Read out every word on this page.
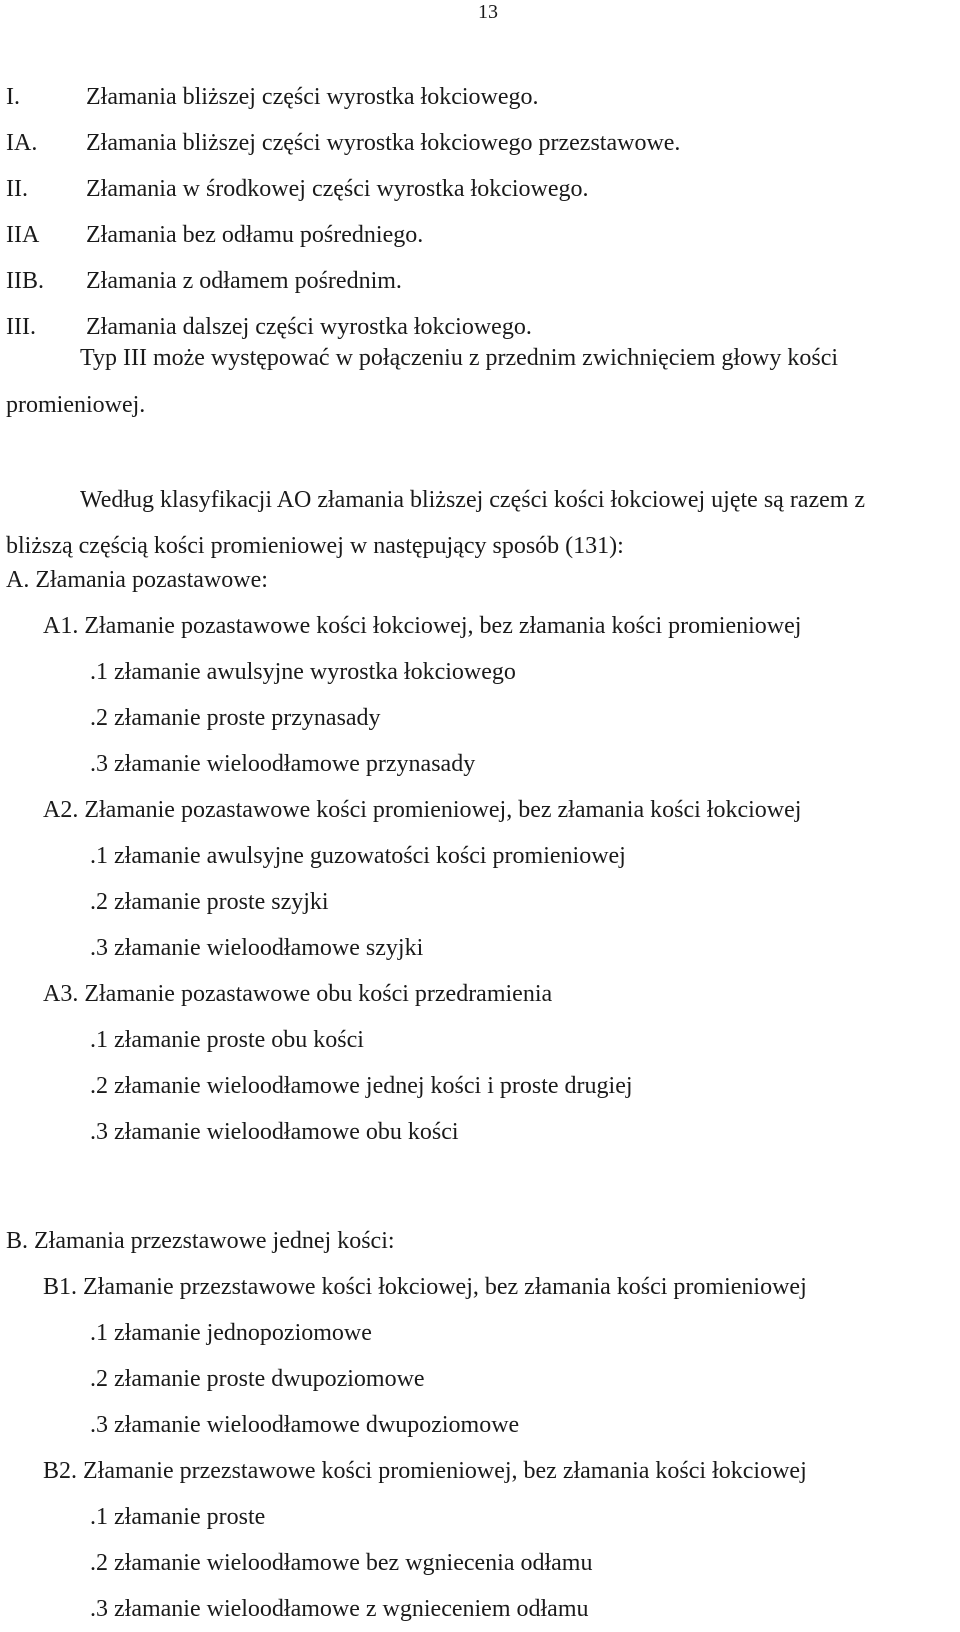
13
I.	Złamania bliższej części wyrostka łokciowego.
IA. Złamania bliższej części wyrostka łokciowego przezstawowe.
II. Złamania w środkowej części wyrostka łokciowego.
IIA Złamania bez odłamu pośredniego.
IIB. Złamania z odłamem pośrednim.
III. Złamania dalszej części wyrostka łokciowego.
Typ III może występować w połączeniu z przednim zwichnięciem głowy kości
promieniowej.
Według klasyfikacji AO złamania bliższej części kości łokciowej ujęte są razem z
bliższą częścią kości promieniowej w następujący sposób (131):
A. Złamania pozastawowe:
A1. Złamanie pozastawowe kości łokciowej, bez złamania kości promieniowej
.1 złamanie awulsyjne wyrostka łokciowego
.2 złamanie proste przynasady
.3 złamanie wieloodłamowe przynasady
A2. Złamanie pozastawowe kości promieniowej, bez złamania kości łokciowej
.1 złamanie awulsyjne guzowatości kości promieniowej
.2 złamanie proste szyjki
.3 złamanie wieloodłamowe szyjki
A3. Złamanie pozastawowe obu kości przedramienia
.1 złamanie proste obu kości
.2 złamanie wieloodłamowe jednej kości i proste drugiej
.3 złamanie wieloodłamowe obu kości
B. Złamania przezstawowe jednej kości:
B1. Złamanie przezstawowe kości łokciowej, bez złamania kości promieniowej
.1 złamanie jednopoziomowe
.2 złamanie proste dwupoziomowe
.3 złamanie wieloodłamowe dwupoziomowe
B2. Złamanie przezstawowe kości promieniowej, bez złamania kości łokciowej
.1 złamanie proste
.2 złamanie wieloodłamowe bez wgniecenia odłamu
.3 złamanie wieloodłamowe z wgnieceniem odłamu
